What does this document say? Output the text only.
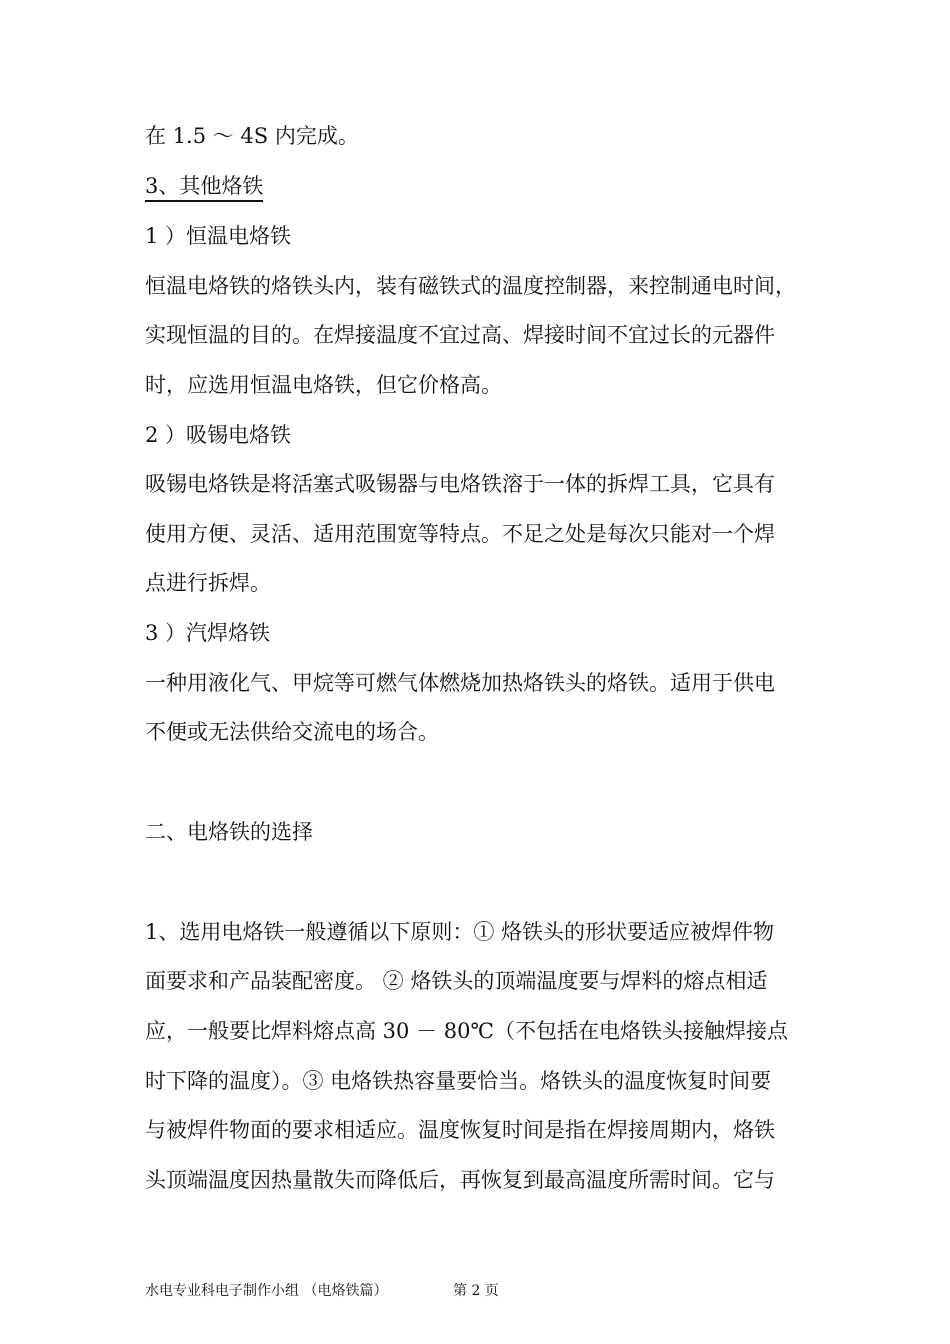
在 1.5 ～ 4S 内完成。
3、其他烙铁
1 ）恒温电烙铁
恒温电烙铁的烙铁头内，装有磁铁式的温度控制器，来控制通电时间，
实现恒温的目的。在焊接温度不宜过高、焊接时间不宜过长的元器件
时，应选用恒温电烙铁，但它价格高。
2 ）吸锡电烙铁
吸锡电烙铁是将活塞式吸锡器与电烙铁溶于一体的拆焊工具，它具有
使用方便、灵活、适用范围宽等特点。不足之处是每次只能对一个焊
点进行拆焊。
3 ）汽焊烙铁
一种用液化气、甲烷等可燃气体燃烧加热烙铁头的烙铁。适用于供电
不便或无法供给交流电的场合。
二、电烙铁的选择
1、选用电烙铁一般遵循以下原则：① 烙铁头的形状要适应被焊件物
面要求和产品装配密度。 ② 烙铁头的顶端温度要与焊料的熔点相适
应，一般要比焊料熔点高 30 － 80℃（不包括在电烙铁头接触焊接点
时下降的温度）。③ 电烙铁热容量要恰当。烙铁头的温度恢复时间要
与被焊件物面的要求相适应。温度恢复时间是指在焊接周期内，烙铁
头顶端温度因热量散失而降低后，再恢复到最高温度所需时间。它与
水电专业科电子制作小组 （电烙铁篇）	第 2 页
